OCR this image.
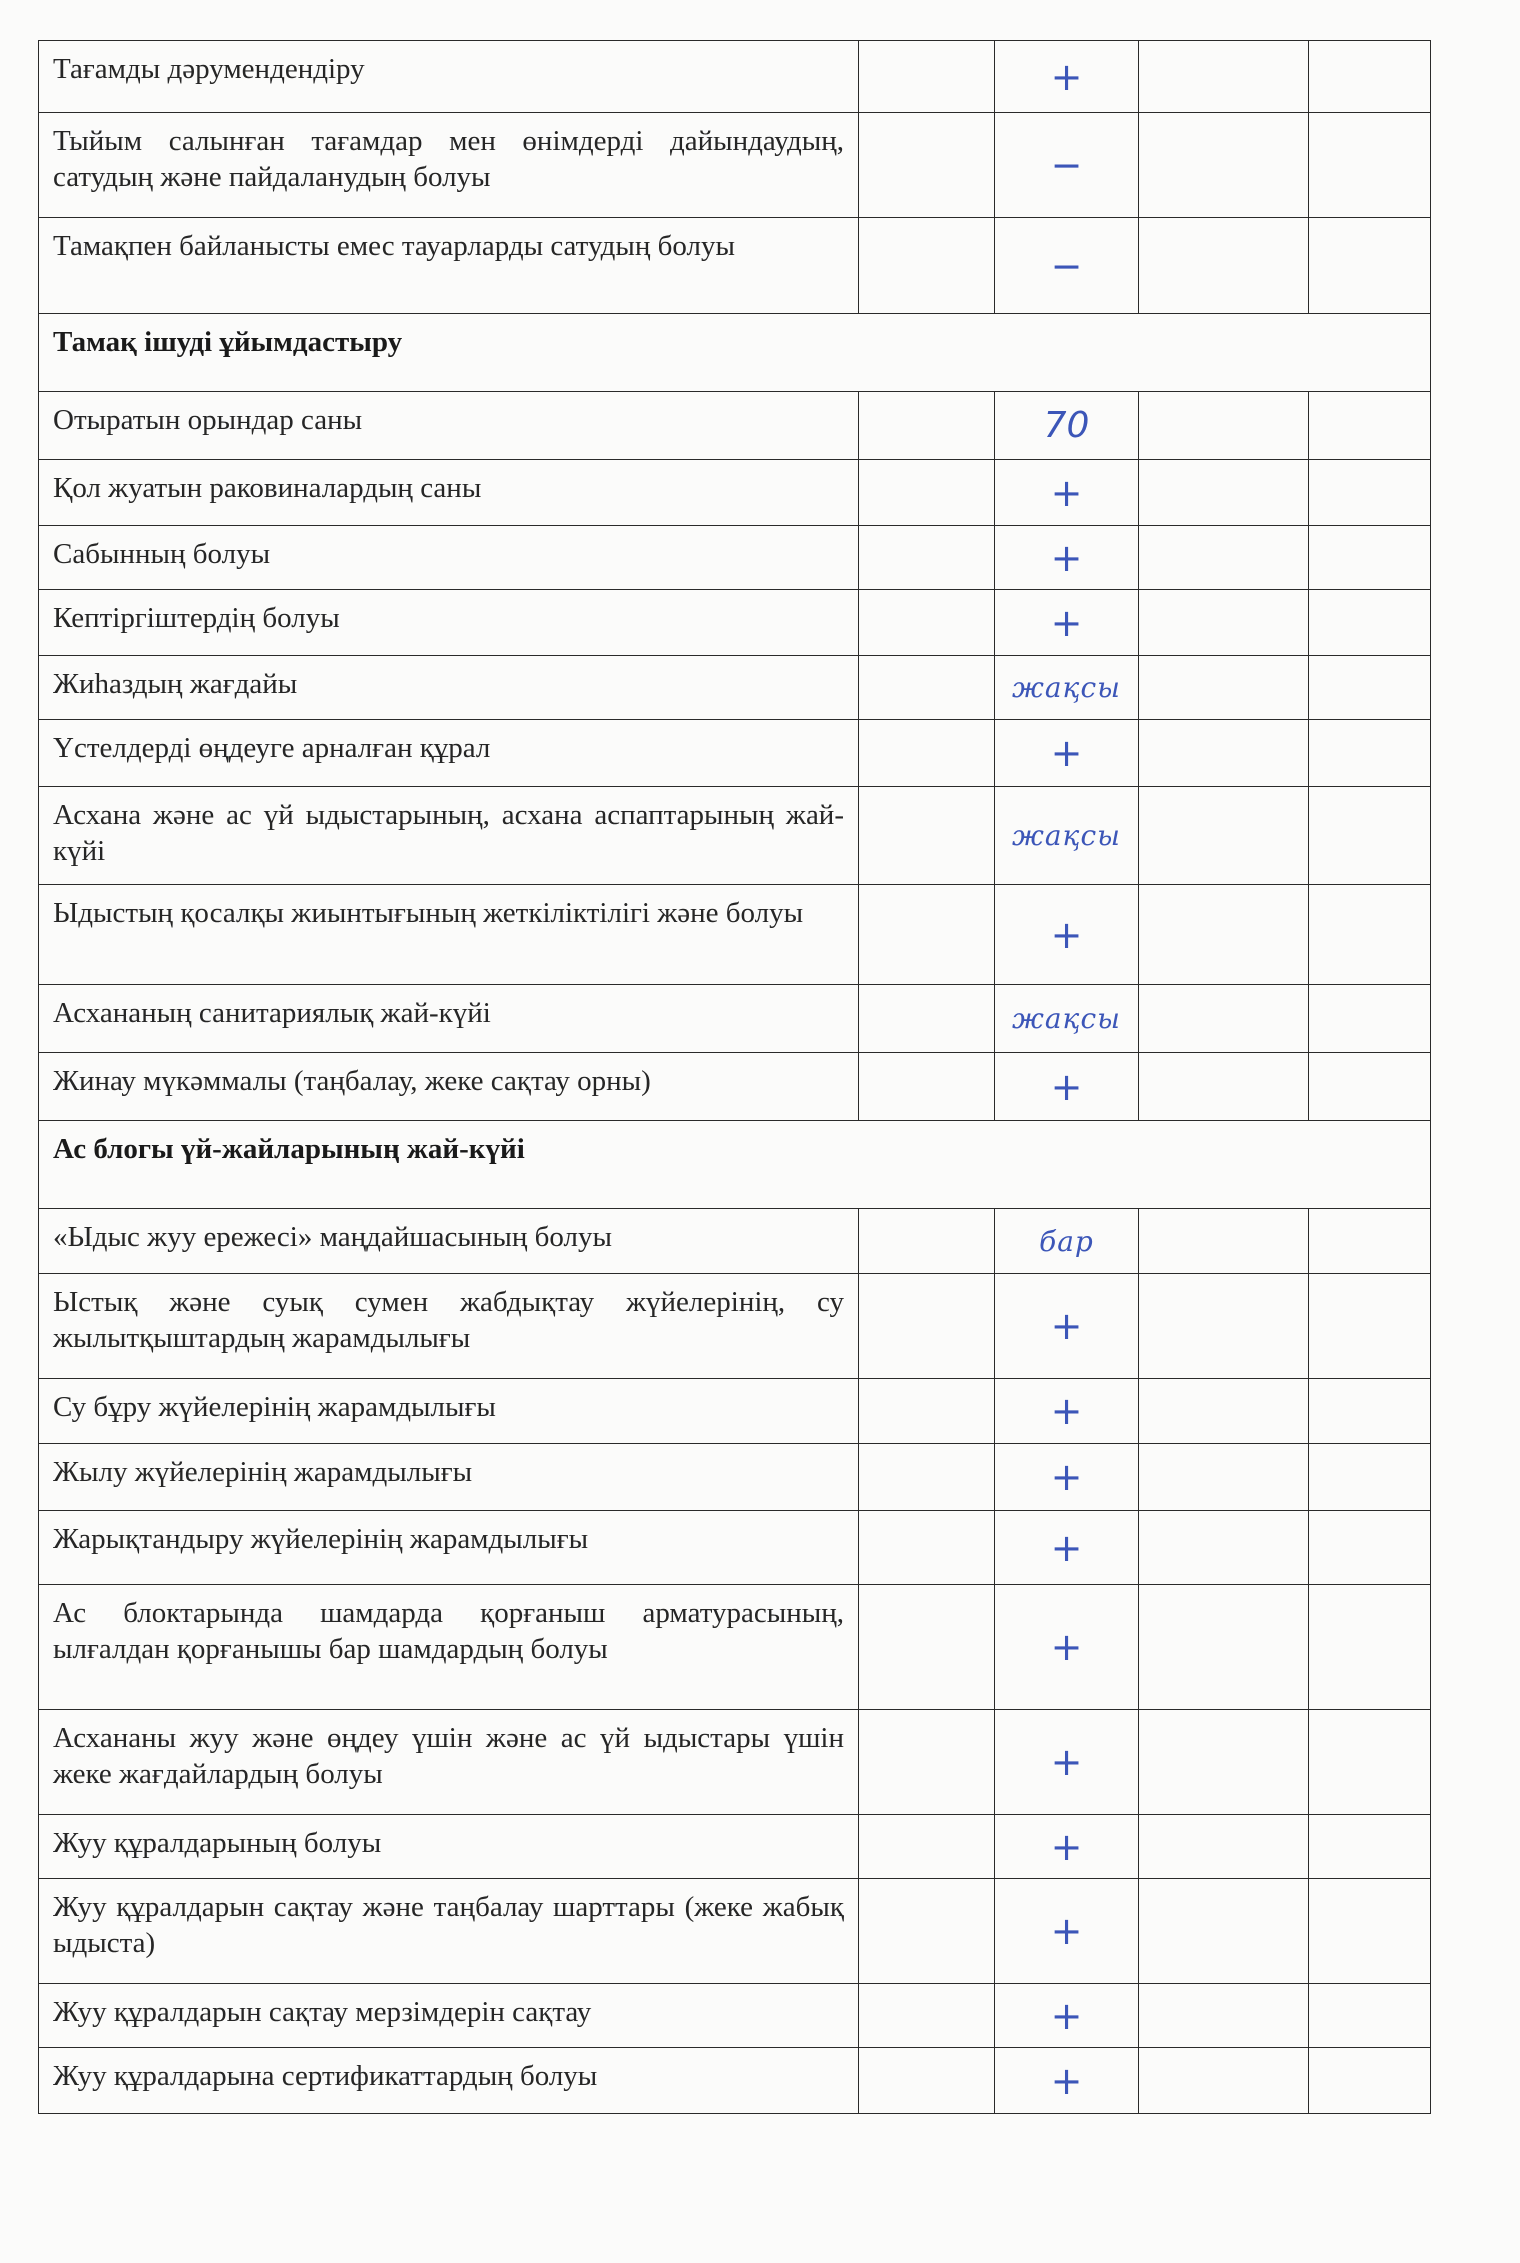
Тағамды дәрумендендіру		+		
Тыйым салынған тағамдар мен өнімдерді дайындаудың, сатудың және пайдаланудың болуы		−		
Тамақпен байланысты емес тауарларды сатудың болуы		−		
Тамақ ішуді ұйымдастыру				
Отыратын орындар саны		70		
Қол жуатын раковиналардың саны		+		
Сабынның болуы		+		
Кептіргіштердің болуы		+		
Жиһаздың жағдайы		жақсы		
Үстелдерді өңдеуге арналған құрал		+		
Асхана және ас үй ыдыстарының, асхана аспаптарының жай-күйі		жақсы		
Ыдыстың қосалқы жиынтығының жеткіліктілігі және болуы		+		
Асхананың санитариялық жай-күйі		жақсы		
Жинау мүкәммалы (таңбалау, жеке сақтау орны)		+		
Ас блогы үй-жайларының жай-күйі				
«Ыдыс жуу ережесі» маңдайшасының болуы		бар		
Ыстық және суық сумен жабдықтау жүйелерінің, су жылытқыштардың жарамдылығы		+		
Су бұру жүйелерінің жарамдылығы		+		
Жылу жүйелерінің жарамдылығы		+		
Жарықтандыру жүйелерінің жарамдылығы		+		
Ас блоктарында шамдарда қорғаныш арматурасының, ылғалдан қорғанышы бар шамдардың болуы		+		
Асхананы жуу және өңдеу үшін және ас үй ыдыстары үшін жеке жағдайлардың болуы		+		
Жуу құралдарының болуы		+		
Жуу құралдарын сақтау және таңбалау шарттары (жеке жабық ыдыста)		+		
Жуу құралдарын сақтау мерзімдерін сақтау		+		
Жуу құралдарына сертификаттардың болуы		+		
